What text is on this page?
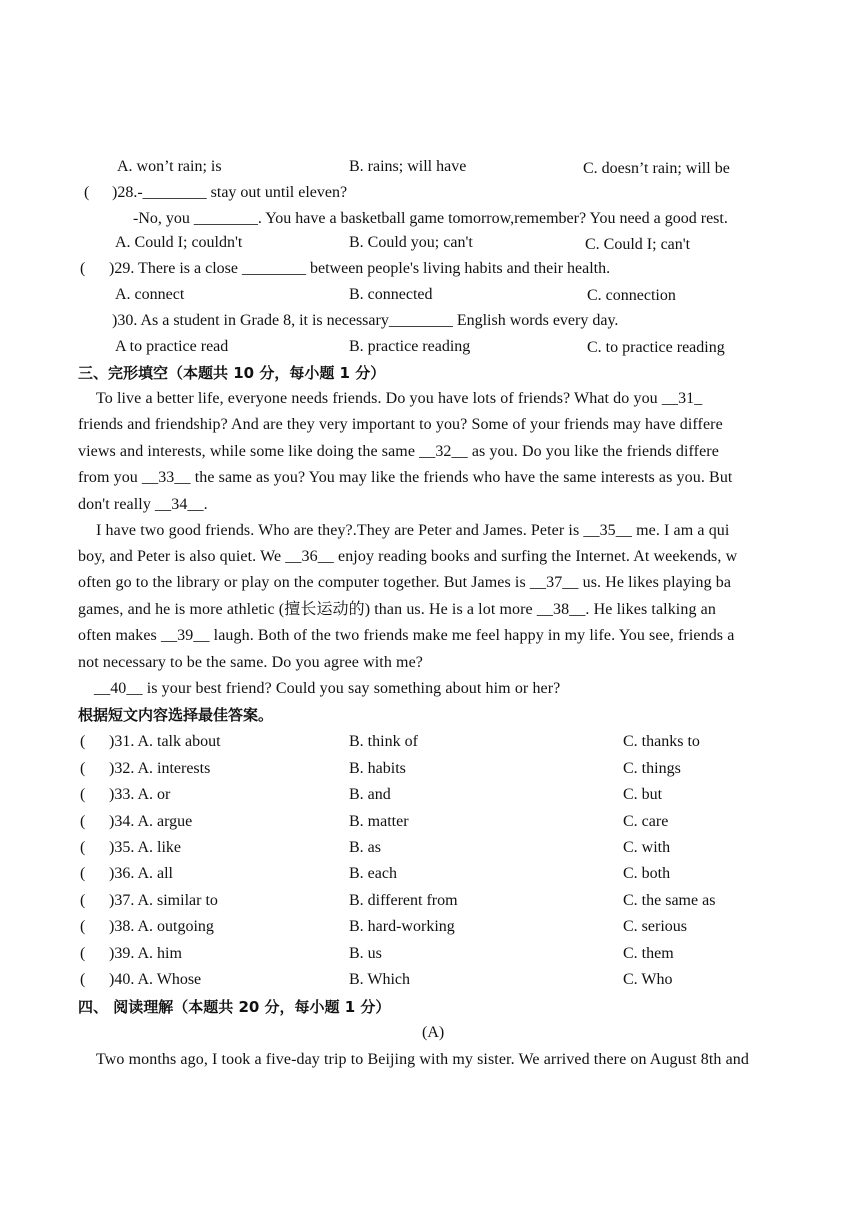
A. won’t rain; is	B. rains; will have	C. doesn’t rain; will be
( )28.-________ stay out until eleven?
-No, you ________. You have a basketball game tomorrow,remember? You need a good rest.
A. Could I; couldn't	B. Could you; can't	C. Could I; can't
( )29. There is a close ________ between people's living habits and their health.
A. connect	B. connected	C. connection
)30. As a student in Grade 8, it is necessary________ English words every day.
A to practice read	B. practice reading	C. to practice reading
三、完形填空（本题共 10 分，每小题 1 分）
To live a better life, everyone needs friends. Do you have lots of friends? What do you __31_
friends and friendship? And are they very important to you? Some of your friends may have differe
views and interests, while some like doing the same __32__ as you. Do you like the friends differe
from you __33__ the same as you? You may like the friends who have the same interests as you. But
don't really __34__.
I have two good friends. Who are they?.They are Peter and James. Peter is __35__ me. I am a qui
boy, and Peter is also quiet. We __36__ enjoy reading books and surfing the Internet. At weekends, w
often go to the library or play on the computer together. But James is __37__ us. He likes playing ba
games, and he is more athletic (擅长运动的) than us. He is a lot more __38__. He likes talking an
often makes __39__ laugh. Both of the two friends make me feel happy in my life. You see, friends a
not necessary to be the same. Do you agree with me?
__40__ is your best friend? Could you say something about him or her?
根据短文内容选择最佳答案。
( )31. A. talk about	B. think of	C. thanks to
( )32. A. interests	B. habits	C. things
( )33. A. or	B. and	C. but
( )34. A. argue	B. matter	C. care
( )35. A. like	B. as	C. with
( )36. A. all	B. each	C. both
( )37. A. similar to	B. different from	C. the same as
( )38. A. outgoing	B. hard-working	C. serious
( )39. A. him	B. us	C. them
( )40. A. Whose	B. Which	C. Who
四、 阅读理解（本题共 20 分，每小题 1 分）
(A)
Two months ago, I took a five-day trip to Beijing with my sister. We arrived there on August 8th and
